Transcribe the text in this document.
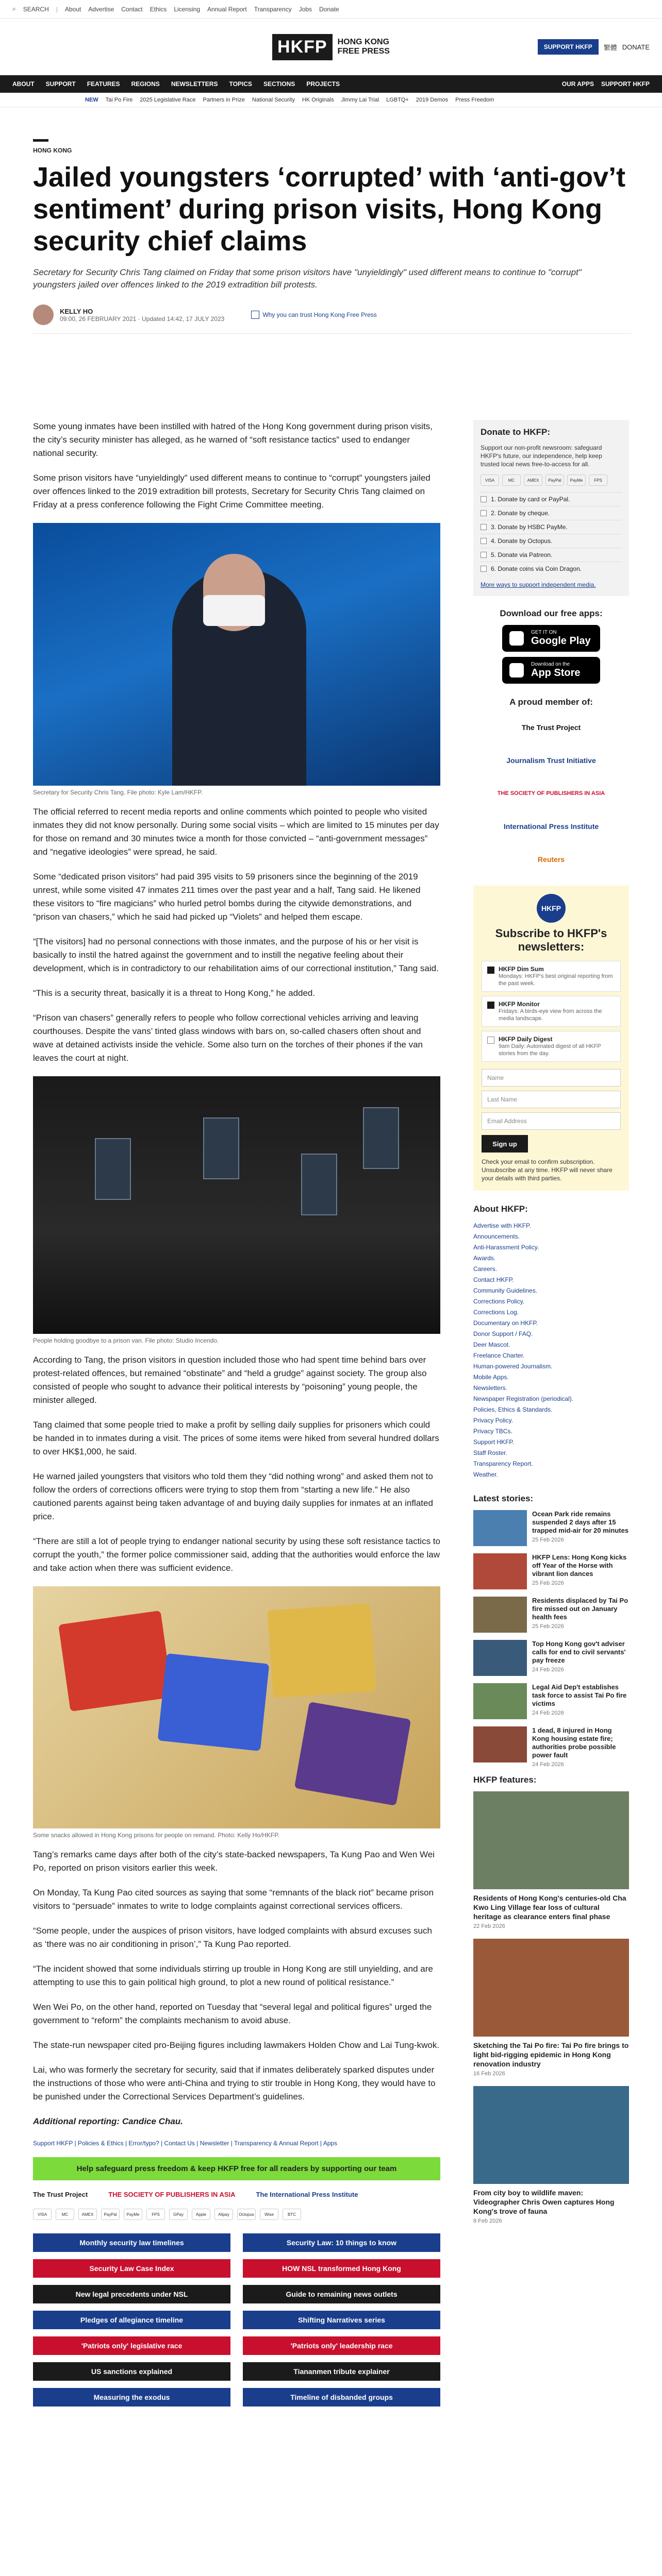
⌕ SEARCH | About Advertise Contact Ethics Licensing Annual Report Transparency Jobs Donate
HKFP	HONG KONG
FREE PRESS	SUPPORT HKFP	繁體 DONATE
ABOUT SUPPORT FEATURES REGIONS NEWSLETTERS TOPICS SECTIONS PROJECTS	OUR APPS SUPPORT HKFP
NEW Tai Po Fire 2025 Legislative Race Partners in Prize National Security HK Originals Jimmy Lai Trial LGBTQ+ 2019 Demos Press Freedom
HONG KONG
Jailed youngsters ‘corrupted’ with ‘anti-gov’t sentiment’ during prison visits, Hong Kong security chief claims
Secretary for Security Chris Tang claimed on Friday that some prison visitors have "unyieldingly" used different means to continue to "corrupt" youngsters jailed over offences linked to the 2019 extradition bill protests.
KELLY HO
09:00, 26 FEBRUARY 2021 · Updated 14:42, 17 JULY 2023
Why you can trust Hong Kong Free Press

Some young inmates have been instilled with hatred of the Hong Kong government during prison visits, the city’s security minister has alleged, as he warned of “soft resistance tactics” used to endanger national security.

Some prison visitors have “unyieldingly” used different means to continue to “corrupt” youngsters jailed over offences linked to the 2019 extradition bill protests, Secretary for Security Chris Tang claimed on Friday at a press conference following the Fight Crime Committee meeting.

Secretary for Security Chris Tang. File photo: Kyle Lam/HKFP.

The official referred to recent media reports and online comments which pointed to people who visited inmates they did not know personally. During some social visits – which are limited to 15 minutes per day for those on remand and 30 minutes twice a month for those convicted – “anti-government messages” and “negative ideologies” were spread, he said.

Some “dedicated prison visitors” had paid 395 visits to 59 prisoners since the beginning of the 2019 unrest, while some visited 47 inmates 211 times over the past year and a half, Tang said. He likened these visitors to “fire magicians” who hurled petrol bombs during the citywide demonstrations, and “prison van chasers,” which he said had picked up “Violets” and helped them escape.

“[The visitors] had no personal connections with those inmates, and the purpose of his or her visit is basically to instil the hatred against the government and to instill the negative feeling about their development, which is in contradictory to our rehabilitation aims of our correctional institution,” Tang said.

“This is a security threat, basically it is a threat to Hong Kong,” he added.

“Prison van chasers” generally refers to people who follow correctional vehicles arriving and leaving courthouses. Despite the vans’ tinted glass windows with bars on, so-called chasers often shout and wave at detained activists inside the vehicle. Some also turn on the torches of their phones if the van leaves the court at night.

People holding goodbye to a prison van. File photo: Studio Incendo.

According to Tang, the prison visitors in question included those who had spent time behind bars over protest-related offences, but remained “obstinate” and “held a grudge” against society. The group also consisted of people who sought to advance their political interests by “poisoning” young people, the minister alleged.

Tang claimed that some people tried to make a profit by selling daily supplies for prisoners which could be handed in to inmates during a visit. The prices of some items were hiked from several hundred dollars to over HK$1,000, he said.

He warned jailed youngsters that visitors who told them they “did nothing wrong” and asked them not to follow the orders of corrections officers were trying to stop them from “starting a new life.” He also cautioned parents against being taken advantage of and buying daily supplies for inmates at an inflated price.

“There are still a lot of people trying to endanger national security by using these soft resistance tactics to corrupt the youth,” the former police commissioner said, adding that the authorities would enforce the law and take action when there was sufficient evidence.

Some snacks allowed in Hong Kong prisons for people on remand. Photo: Kelly Ho/HKFP.

Tang’s remarks came days after both of the city’s state-backed newspapers, Ta Kung Pao and Wen Wei Po, reported on prison visitors earlier this week.

On Monday, Ta Kung Pao cited sources as saying that some “remnants of the black riot” became prison visitors to “persuade” inmates to write to lodge complaints against correctional services officers.

“Some people, under the auspices of prison visitors, have lodged complaints with absurd excuses such as ‘there was no air conditioning in prison’,” Ta Kung Pao reported.

“The incident showed that some individuals stirring up trouble in Hong Kong are still unyielding, and are attempting to use this to gain political high ground, to plot a new round of political resistance.”

Wen Wei Po, on the other hand, reported on Tuesday that “several legal and political figures” urged the government to “reform” the complaints mechanism to avoid abuse.

The state-run newspaper cited pro-Beijing figures including lawmakers Holden Chow and Lai Tung-kwok.

Lai, who was formerly the secretary for security, said that if inmates deliberately sparked disputes under the instructions of those who were anti-China and trying to stir trouble in Hong Kong, they would have to be punished under the Correctional Services Department’s guidelines.

Additional reporting: Candice Chau.

Support HKFP | Policies & Ethics | Error/typo? | Contact Us | Newsletter | Transparency & Annual Report | Apps
Help safeguard press freedom & keep HKFP free for all readers by supporting our team
The Trust Project	THE SOCIETY OF PUBLISHERS IN ASIA	The International Press Institute
VISA	MC	AMEX	PayPal	PayMe	FPS	GPay	Apple	Alipay	Octopus	Wise	BTC
Monthly security law timelines	Security Law: 10 things to know
Security Law Case Index	HOW NSL transformed Hong Kong
New legal precedents under NSL	Guide to remaining news outlets
Pledges of allegiance timeline	Shifting Narratives series
'Patriots only' legislative race	'Patriots only' leadership race
US sanctions explained	Tiananmen tribute explainer
Measuring the exodus	Timeline of disbanded groups
Donate to HKFP:
Support our non-profit newsroom: safeguard HKFP's future, our independence, help keep trusted local news free-to-access for all.
VISA	MC	AMEX	PayPal	PayMe	FPS
1. Donate by card or PayPal.
2. Donate by cheque.
3. Donate by HSBC PayMe.
4. Donate by Octopus.
5. Donate via Patreon.
6. Donate coins via Coin Dragon.
More ways to support independent media.
Download our free apps:
GET IT ON
Google Play
Download on the
App Store
A proud member of:
The Trust Project
Journalism Trust Initiative
THE SOCIETY OF PUBLISHERS IN ASIA
International Press Institute
Reuters
HKFP
Subscribe to HKFP's newsletters:
HKFP Dim Sum
Mondays: HKFP's best original reporting from the past week.
HKFP Monitor
Fridays: A birds-eye view from across the media landscape.
HKFP Daily Digest
9am Daily: Automated digest of all HKFP stories from the day.
Name
Last Name
Email Address
Sign up
Check your email to confirm subscription. Unsubscribe at any time. HKFP will never share your details with third parties.
About HKFP:
Advertise with HKFP.
Announcements.
Anti-Harassment Policy.
Awards.
Careers.
Contact HKFP.
Community Guidelines.
Corrections Policy.
Corrections Log.
Documentary on HKFP.
Donor Support / FAQ.
Deer Mascot.
Freelance Charter.
Human-powered Journalism.
Mobile Apps.
Newsletters.
Newspaper Registration (periodical).
Policies, Ethics & Standards.
Privacy Policy.
Privacy TBCs.
Support HKFP.
Staff Roster.
Transparency Report.
Weather.
Latest stories:
Ocean Park ride remains suspended 2 days after 15 trapped mid-air for 20 minutes
25 Feb 2026
HKFP Lens: Hong Kong kicks off Year of the Horse with vibrant lion dances
25 Feb 2026
Residents displaced by Tai Po fire missed out on January health fees
25 Feb 2026
Top Hong Kong gov't adviser calls for end to civil servants' pay freeze
24 Feb 2026
Legal Aid Dep't establishes task force to assist Tai Po fire victims
24 Feb 2026
1 dead, 8 injured in Hong Kong housing estate fire; authorities probe possible power fault
24 Feb 2026
HKFP features:
Residents of Hong Kong's centuries-old Cha Kwo Ling Village fear loss of cultural heritage as clearance enters final phase
22 Feb 2026
Sketching the Tai Po fire: Tai Po fire brings to light bid-rigging epidemic in Hong Kong renovation industry
16 Feb 2026
From city boy to wildlife maven: Videographer Chris Owen captures Hong Kong's trove of fauna
8 Feb 2026
